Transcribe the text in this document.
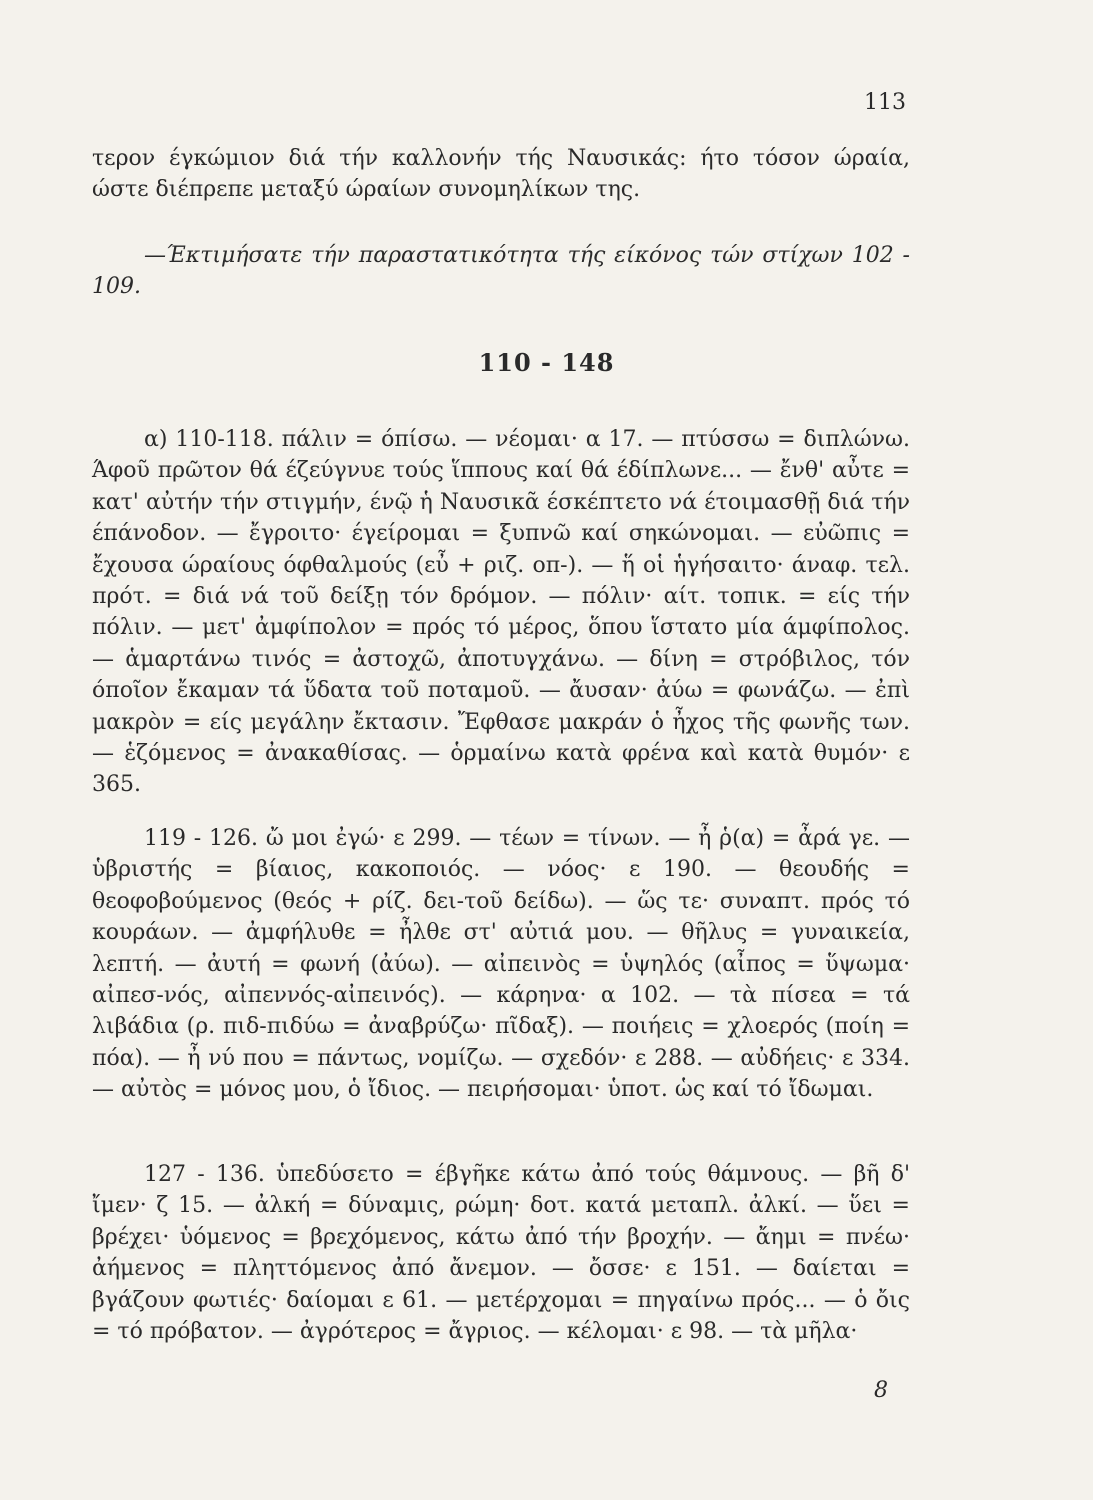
113

τερον έγκώμιον διά τήν καλλονήν τής Ναυσικάς: ήτο τόσον ώραία, ώστε διέπρεπε μεταξύ ώραίων συνομηλίκων της.

—Έκτιμήσατε τήν παραστατικότητα τής είκόνος τών στίχων 102 - 109.

110 - 148

α) 110-118. πάλιν = όπίσω. — νέομαι· α 17. — πτύσσω = διπλώνω. Άφοῦ πρῶτον θά έζεύγνυε τούς ἵππους καί θά έδίπλωνε... — ἔνθ' αὖτε = κατ' αὐτήν τήν στιγμήν, ένῷ ἡ Ναυσικᾶ έσκέπτετο νά έτοιμασθῇ διά τήν έπάνοδον. — ἔγροιτο· έγείρομαι = ξυπνῶ καί σηκώνομαι. — εὐῶπις = ἔχουσα ώραίους όφθαλμούς (εὖ + ριζ. οπ-). — ἥ οἱ ἡγήσαιτο· άναφ. τελ. πρότ. = διά νά τοῦ δείξῃ τόν δρόμον. — πόλιν· αίτ. τοπικ. = είς τήν πόλιν. — μετ' ἀμφίπολον = πρός τό μέρος, ὅπου ἵστατο μία άμφίπολος. — ἁμαρτάνω τινός = ἀστοχῶ, ἀποτυγχάνω. — δίνη = στρόβιλος, τόν όποῖον ἔκαμαν τά ὕδατα τοῦ ποταμοῦ. — ἄυσαν· ἀύω = φωνάζω. — ἐπὶ μακρὸν = είς μεγάλην ἔκτασιν. Ἔφθασε μακράν ὁ ἦχος τῆς φωνῆς των. — ἑζόμενος = ἀνακαθίσας. — ὁρμαίνω κατὰ φρένα καὶ κατὰ θυμόν· ε 365.

119 - 126. ὤ μοι ἐγώ· ε 299. — τέων = τίνων. — ἦ ῥ(α) = ἆρά γε. — ὑβριστής = βίαιος, κακοποιός. — νόος· ε 190. — θεουδής = θεοφοβούμενος (θεός + ρίζ. δει-τοῦ δείδω). — ὥς τε· συναπτ. πρός τό κουράων. — ἀμφήλυθε = ἦλθε στ' αὐτιά μου. — θῆλυς = γυναικεία, λεπτή. — ἀυτή = φωνή (ἀύω). — αἰπεινὸς = ὑψηλός (αἶπος = ὕψωμα· αἰπεσ-νός, αἰπεννός-αἰπεινός). — κάρηνα· α 102. — τὰ πίσεα = τά λιβάδια (ρ. πιδ-πιδύω = ἀναβρύζω· πῖδαξ). — ποιήεις = χλοερός (ποίη = πόα). — ἦ νύ που = πάντως, νομίζω. — σχεδόν· ε 288. — αὐδήεις· ε 334. — αὐτὸς = μόνος μου, ὁ ἴδιος. — πειρήσομαι· ὑποτ. ὡς καί τό ἴδωμαι.

127 - 136. ὑπεδύσετο = έβγῆκε κάτω ἀπό τούς θάμνους. — βῆ δ' ἴμεν· ζ 15. — ἀλκή = δύναμις, ρώμη· δοτ. κατά μεταπλ. ἀλκί. — ὕει = βρέχει· ὑόμενος = βρεχόμενος, κάτω ἀπό τήν βροχήν. — ἄημι = πνέω· ἀήμενος = πληττόμενος ἀπό ἄνεμον. — ὄσσε· ε 151. — δαίεται = βγάζουν φωτιές· δαίομαι ε 61. — μετέρχομαι = πηγαίνω πρός... — ὁ ὄις = τό πρόβατον. — ἀγρότερος = ἄγριος. — κέλομαι· ε 98. — τὰ μῆλα·

8
